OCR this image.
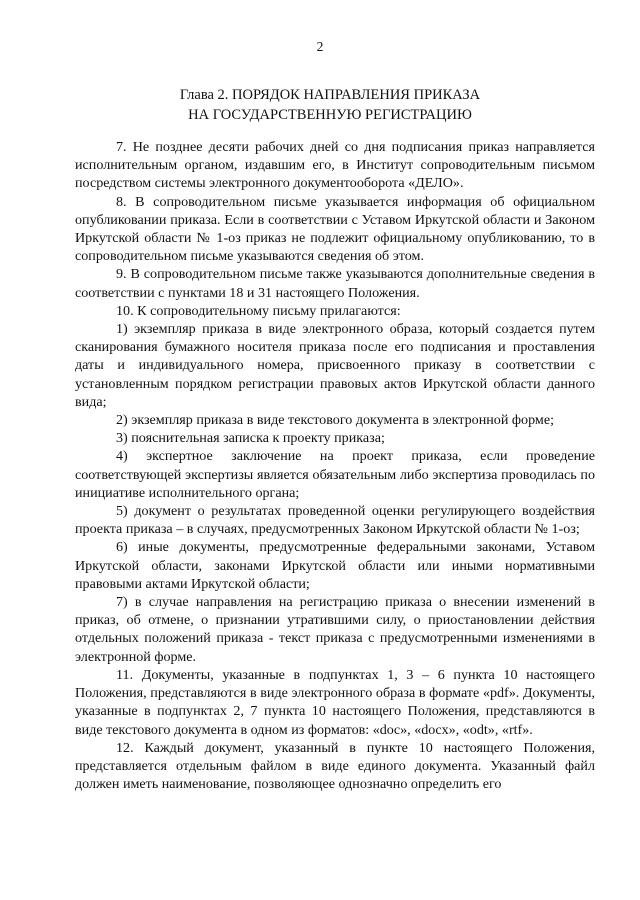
2
Глава 2. ПОРЯДОК НАПРАВЛЕНИЯ ПРИКАЗА
НА ГОСУДАРСТВЕННУЮ РЕГИСТРАЦИЮ

7. Не позднее десяти рабочих дней со дня подписания приказ направляется исполнительным органом, издавшим его, в Институт сопроводительным письмом посредством системы электронного документооборота «ДЕЛО».

8. В сопроводительном письме указывается информация об официальном опубликовании приказа. Если в соответствии с Уставом Иркутской области и Законом Иркутской области № 1-оз приказ не подлежит официальному опубликованию, то в сопроводительном письме указываются сведения об этом.

9. В сопроводительном письме также указываются дополнительные сведения в соответствии с пунктами 18 и 31 настоящего Положения.

10. К сопроводительному письму прилагаются:

1) экземпляр приказа в виде электронного образа, который создается путем сканирования бумажного носителя приказа после его подписания и проставления даты и индивидуального номера, присвоенного приказу в соответствии с установленным порядком регистрации правовых актов Иркутской области данного вида;

2) экземпляр приказа в виде текстового документа в электронной форме;

3) пояснительная записка к проекту приказа;

4) экспертное заключение на проект приказа, если проведение соответствующей экспертизы является обязательным либо экспертиза проводилась по инициативе исполнительного органа;

5) документ о результатах проведенной оценки регулирующего воздействия проекта приказа – в случаях, предусмотренных Законом Иркутской области № 1-оз;

6) иные документы, предусмотренные федеральными законами, Уставом Иркутской области, законами Иркутской области или иными нормативными правовыми актами Иркутской области;

7) в случае направления на регистрацию приказа о внесении изменений в приказ, об отмене, о признании утратившими силу, о приостановлении действия отдельных положений приказа - текст приказа с предусмотренными изменениями в электронной форме.

11. Документы, указанные в подпунктах 1, 3 – 6 пункта 10 настоящего Положения, представляются в виде электронного образа в формате «pdf». Документы, указанные в подпунктах 2, 7 пункта 10 настоящего Положения, представляются в виде текстового документа в одном из форматов: «doc», «docx», «odt», «rtf».

12. Каждый документ, указанный в пункте 10 настоящего Положения, представляется отдельным файлом в виде единого документа. Указанный файл должен иметь наименование, позволяющее однозначно определить его
